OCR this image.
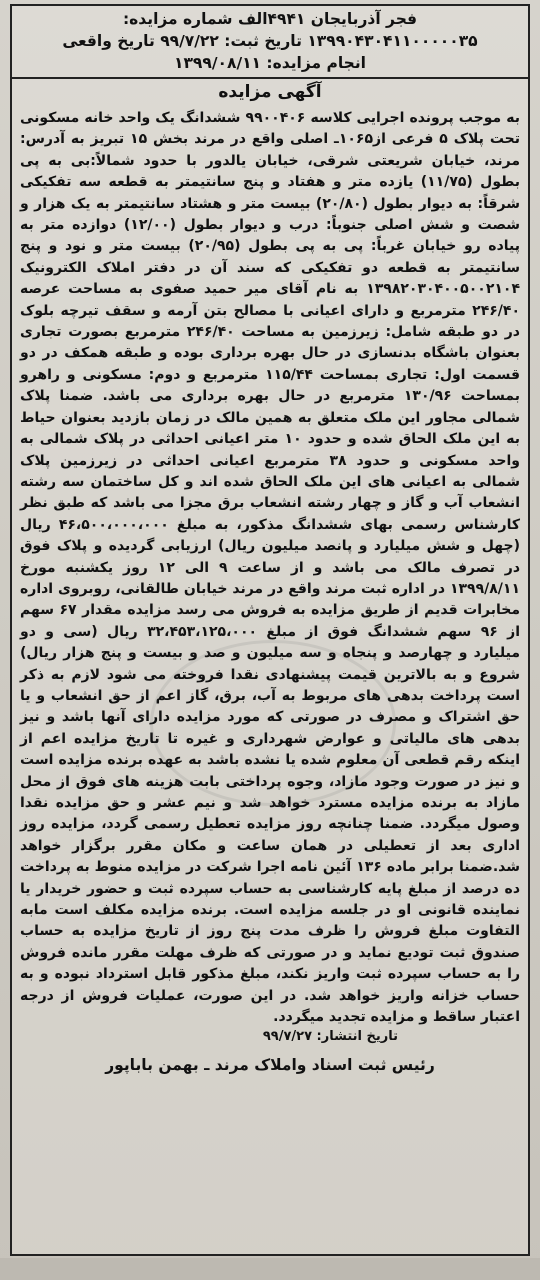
فجر آذربایجان ۴۹۴۱الف شماره مزایده:
۱۳۹۹۰۴۳۰۴۱۱۰۰۰۰۰۳۵ تاریخ ثبت: ۹۹/۷/۲۲ تاریخ واقعی
انجام مزایده: ۱۳۹۹/۰۸/۱۱
آگهی مزایده

به موجب پرونده اجرایی کلاسه ۹۹۰۰۴۰۶ ششدانگ یک واحد خانه مسکونی تحت پلاک ۵ فرعی از۱۰۶۵ـ اصلی واقع در مرند بخش ۱۵ تبریز به آدرس: مرند، خیابان شریعتی شرقی، خیابان یالدور با حدود شمالاً:بی به پی بطول (۱۱/۷۵) یازده متر و هفتاد و پنج سانتیمتر به قطعه سه تفکیکی شرقاً: به دیوار بطول (۲۰/۸۰) بیست متر و هشتاد سانتیمتر به یک هزار و شصت و شش اصلی جنوباً: درب و دیوار بطول (۱۲/۰۰) دوازده متر به پیاده رو خیابان غرباً: پی به پی بطول (۲۰/۹۵) بیست متر و نود و پنج سانتیمتر به قطعه دو تفکیکی که سند آن در دفتر املاک الکترونیک ۱۳۹۸۲۰۳۰۴۰۰۵۰۰۲۱۰۴ به نام آقای میر حمید صفوی به مساحت عرصه ۲۴۶/۴۰ مترمربع و دارای اعیانی با مصالح بتن آرمه و سقف تیرچه بلوک در دو طبقه شامل: زیرزمین به مساحت ۲۴۶/۴۰ مترمربع بصورت تجاری بعنوان باشگاه بدنسازی در حال بهره برداری بوده و طبقه همکف در دو قسمت اول: تجاری بمساحت ۱۱۵/۴۴ مترمربع و دوم: مسکونی و راهرو بمساحت ۱۳۰/۹۶ مترمربع در حال بهره برداری می باشد. ضمنا پلاک شمالی مجاور این ملک متعلق به همین مالک در زمان بازدید بعنوان حیاط به این ملک الحاق شده و حدود ۱۰ متر اعیانی احداثی در پلاک شمالی به واحد مسکونی و حدود ۳۸ مترمربع اعیانی احداثی در زیرزمین پلاک شمالی به اعیانی های این ملک الحاق شده اند و کل ساختمان سه رشته انشعاب آب و گاز و چهار رشته انشعاب برق مجزا می باشد که طبق نظر کارشناس رسمی بهای ششدانگ مذکور، به مبلغ ۴۶،۵۰۰،۰۰۰،۰۰۰ ریال (چهل و شش میلیارد و پانصد میلیون ریال) ارزیابی گردیده و پلاک فوق در تصرف مالک می باشد و از ساعت ۹ الی ۱۲ روز یکشنبه مورخ ۱۳۹۹/۸/۱۱ در اداره ثبت مرند واقع در مرند خیابان طالقانی، روبروی اداره مخابرات قدیم از طریق مزایده به فروش می رسد مزایده مقدار ۶۷ سهم از ۹۶ سهم ششدانگ فوق از مبلغ ۳۲،۴۵۳،۱۲۵،۰۰۰ ریال (سی و دو میلیارد و چهارصد و پنجاه و سه میلیون و صد و بیست و پنج هزار ریال) شروع و به بالاترین قیمت پیشنهادی نقدا فروخته می شود لازم به ذکر است پرداخت بدهی های مربوط به آب، برق، گاز اعم از حق انشعاب و یا حق اشتراک و مصرف در صورتی که مورد مزایده دارای آنها باشد و نیز بدهی های مالیاتی و عوارض شهرداری و غیره تا تاریخ مزایده اعم از اینکه رقم قطعی آن معلوم شده یا نشده باشد به عهده برنده مزایده است و نیز در صورت وجود مازاد، وجوه پرداختی بابت هزینه های فوق از محل مازاد به برنده مزایده مسترد خواهد شد و نیم عشر و حق مزایده نقدا وصول میگردد. ضمنا چنانچه روز مزایده تعطیل رسمی گردد، مزایده روز اداری بعد از تعطیلی در همان ساعت و مکان مقرر برگزار خواهد شد.ضمنا برابر ماده ۱۳۶ آئین نامه اجرا شرکت در مزایده منوط به پرداخت ده درصد از مبلغ پایه کارشناسی به حساب سپرده ثبت و حضور خریدار یا نماینده قانونی او در جلسه مزایده است. برنده مزایده مکلف است مابه التفاوت مبلغ فروش را ظرف مدت پنج روز از تاریخ مزایده به حساب صندوق ثبت تودیع نماید و در صورتی که ظرف مهلت مقرر مانده فروش را به حساب سپرده ثبت واریز نکند، مبلغ مذکور قابل استرداد نبوده و به حساب خزانه واریز خواهد شد. در این صورت، عملیات فروش از درجه اعتبار ساقط و مزایده تجدید میگردد.

تاریخ انتشار: ۹۹/۷/۲۷
رئیس ثبت اسناد واملاک مرند ـ بهمن باباپور
